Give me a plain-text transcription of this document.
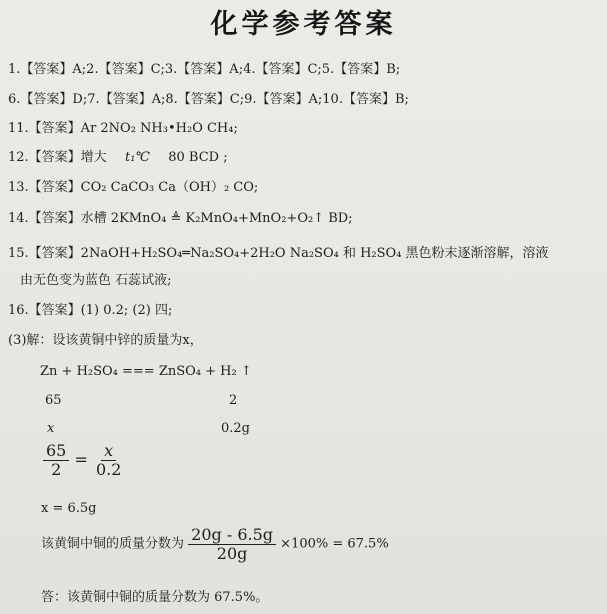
化学参考答案
1.【答案】A;2.【答案】C;3.【答案】A;4.【答案】C;5.【答案】B;
6.【答案】D;7.【答案】A;8.【答案】C;9.【答案】A;10.【答案】B;
11.【答案】Ar 2NO₂ NH₃•H₂O CH₄;
12.【答案】增大 t₁℃ 80 BCD ;
13.【答案】CO₂ CaCO₃ Ca（OH）₂ CO;
14.【答案】水槽 2KMnO₄ ≜ K₂MnO₄+MnO₂+O₂↑ BD;
15.【答案】2NaOH+H₂SO₄═Na₂SO₄+2H₂O Na₂SO₄ 和 H₂SO₄ 黑色粉末逐渐溶解，溶液
由无色变为蓝色 石蕊试液;
16.【答案】(1) 0.2; (2) 四;
(3)解：设该黄铜中锌的质量为x，
Zn + H₂SO₄ === ZnSO₄ + H₂ ↑
65	2
x	0.2g
$\frac{65}{2} = \frac{x}{0.2}$
x = 6.5g
该黄铜中铜的质量分数为 $\frac{20g - 6.5g}{20g} \times 100\% = 67.5\%$
答：该黄铜中铜的质量分数为 67.5%。
